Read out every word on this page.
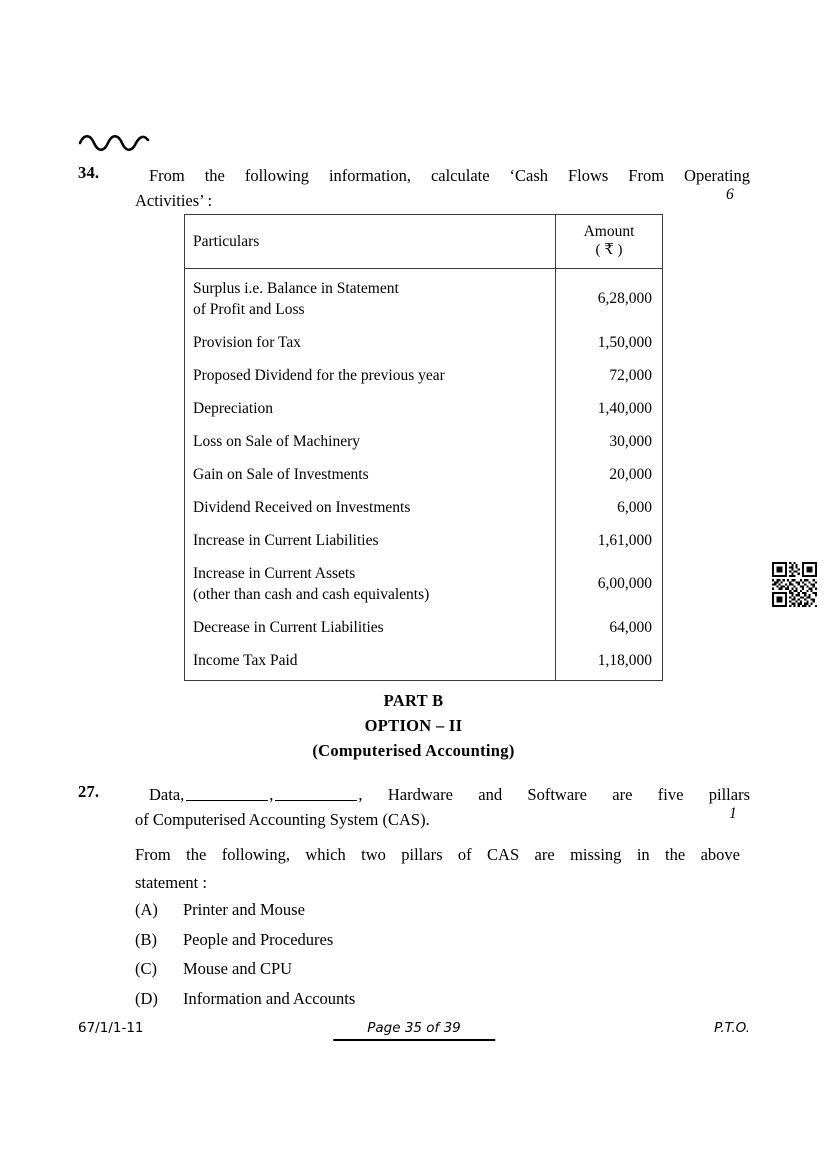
34.	From the following information, calculate ‘Cash Flows From Operating
Activities’ :	6
Particulars	Amount
( ₹ )

Surplus i.e. Balance in Statement
of Profit and Loss	6,28,000

Provision for Tax	1,50,000

Proposed Dividend for the previous year	72,000

Depreciation	1,40,000

Loss on Sale of Machinery	30,000

Gain on Sale of Investments	20,000

Dividend Received on Investments	6,000

Increase in Current Liabilities	1,61,000

Increase in Current Assets
(other than cash and cash equivalents)	6,00,000

Decrease in Current Liabilities	64,000

Income Tax Paid	1,18,000
PART B
OPTION – II
(Computerised Accounting)
27.	Data,	,	, Hardware and Software are five pillars
of Computerised Accounting System (CAS).	1
From the following, which two pillars of CAS are missing in the above
statement :
(A)	Printer and Mouse
(B)	People and Procedures
(C)	Mouse and CPU
(D)	Information and Accounts
67/1/1-11	Page 35 of 39	P.T.O.
